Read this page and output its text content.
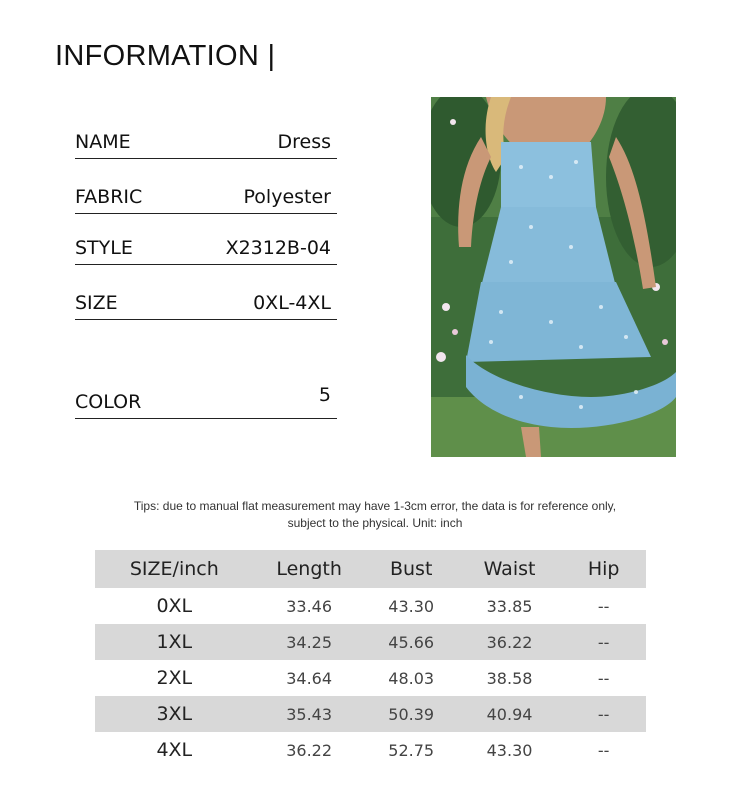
INFORMATION |
NAME	Dress
FABRIC	Polyester
STYLE	X2312B-04
SIZE	0XL-4XL
COLOR	5
Tips: due to manual flat measurement may have 1-3cm error, the data is for reference only,
subject to the physical. Unit: inch
SIZE/inch	Length	Bust	Waist	Hip
0XL	33.46	43.30	33.85	--
1XL	34.25	45.66	36.22	--
2XL	34.64	48.03	38.58	--
3XL	35.43	50.39	40.94	--
4XL	36.22	52.75	43.30	--
